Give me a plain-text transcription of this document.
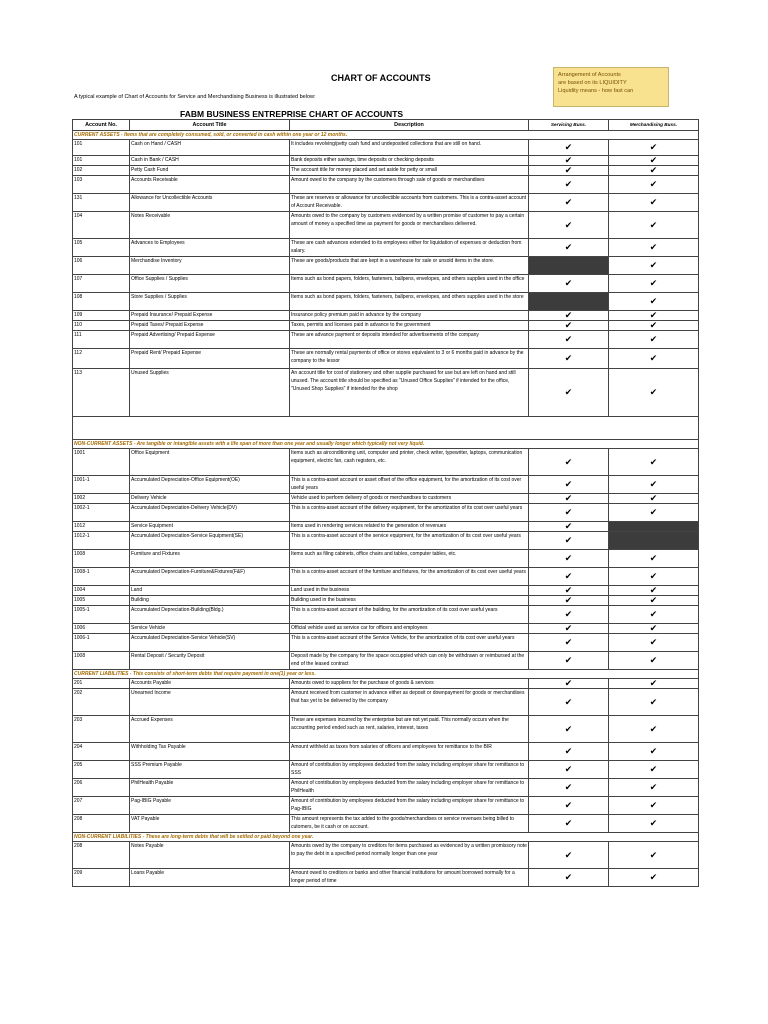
CHART OF ACCOUNTS
A typical example of Chart of Accounts for Service and Merchandising Business is illustrated below:
Arrangement of Accounts
are based on its LIQUIDITY
Liquidity means - how fast can
FABM BUSINESS ENTREPRISE CHART OF ACCOUNTS
Account No.	Account Title	Description	Servicing Buss.	Merchandising Buss.
CURRENT ASSETS - Items that are completely consumed, sold, or converted in cash within one year or 12 months.				
101	Cash on Hand / CASH	It includes revolving/petty cash fund and undeposited collections that are still on hand.	✔	✔
101	Cash in Bank / CASH	Bank deposits either savings, time deposits or checking deposits	✔	✔
102	Petty Cash Fund	The account title for money placed and set aside for petty or small	✔	✔
103	Accounts Receivable	Amount owed to the company by the customers through sale of goods or merchandises	✔	✔
131	Allowance for Uncollectible Accounts	These are reserves or allowance for uncollectible accounts from customers. This is a contra-asset account of Account Receivable.	✔	✔
104	Notes Receivable	Amounts owed to the company by customers evidenced by a written promise of customer to pay a certain amount of money a specified time as payment for goods or merchandises delivered.	✔	✔
105	Advances to Employees	These are cash advances extended to its employees either for liquidation of expenses or deduction from salary.	✔	✔
106	Merchandise Inventory	These are goods/products that are kept in a warehouse for sale or unsold items in the store.		✔
107	Office Supplies / Supplies	Items such as bond papers, folders, fasteners, ballpens, envelopes, and others supplies used in the office	✔	✔
108	Store Supplies / Supplies	Items such as bond papers, folders, fasteners, ballpens, envelopes, and others supplies used in the store		✔
109	Prepaid Insurance/ Prepaid Expense	Insurance policy premium paid in advance by the company	✔	✔
110	Prepaid Taxes/ Prepaid Expense	Taxes, permits and licenses paid in advance to the government	✔	✔
111	Prepaid Advertising/ Prepaid Expense	These are advance payment or deposits intended for advertisements of the company	✔	✔
112	Prepaid Rent/ Prepaid Expense	These are normally rental payments of office or stores equivalent to 3 or 6 months paid in advance by the company to the lessor	✔	✔
113	Unused Supplies	An account title for cost of stationery and other supplie purchased for use but are left on hand and still unused. The account title should be specified as "Unused Office Supplies" if intended for the office, "Unused Shop Supplies" if intended for the shop	✔	✔

NON-CURRENT ASSETS - Are tangible or intangible assets with a life span of more than one year and usually longer which typically not very liquid.				
1001	Office Equipment	Items such as airconditioning unit, computer and printer, check writer, typewriter, laptops, communication equipment, electric fan, cash registers, etc.	✔	✔
1001-1	Accumulated Depreciation-Office Equipment(OE)	This is a contra-asset account or asset offset of the office equipment, for the amortization of its cost over useful years	✔	✔
1002	Delivery Vehicle	Vehicle used to perform delivery of goods or merchandises to customers	✔	✔
1002-1	Accumulated Depreciation-Delivery Vehicle(DV)	This is a contra-asset account of the delivery equipment, for the amortization of its cost over useful years	✔	✔
1012	Service Equipment	Items used in rendering services related to the generation of revenues	✔	
1012-1	Accumulated Depreciation-Service Equipment(SE)	This is a contra-asset account of the service equipment, for the amortization of its cost over useful years	✔	
1008	Furniture and Fixtures	Items such as filing cabinets, office chairs and tables, computer tables, etc.	✔	✔
1008-1	Accumulated Depreciation-Furniture&Fixtures(F&F)	This is a contra-asset account of the furniture and fixtures, for the amortization of its cost over useful years	✔	✔
1004	Land	Land used in the business	✔	✔
1005	Building	Building used in the business	✔	✔
1005-1	Accumulated Depreciation-Building(Bldg.)	This is a contra-asset account of the building, for the amortization of its cost over useful years	✔	✔
1006	Service Vehicle	Official vehicle used as service car for officers and employees	✔	✔
1006-1	Accumulated Depreciation-Service Vehicle(SV)	This is a contra-asset account of the Service Vehicle, for the amortization of its cost over useful years	✔	✔
1008	Rental Deposit / Security Deposit	Deposit made by the company for the space occuppied which can only be withdrawn or reimbursed at the end of the leased contract	✔	✔
CURRENT LIABILITIES - This consists of short-term debts that require payment in one(1) year or less.				
201	Accounts Payable	Amounts owed to suppliers for the purchase of goods & services	✔	✔
202	Unearned Income	Amount received from customer in advance either as deposit or downpayment for goods or merchandises that has yet to be delivered by the company	✔	✔
203	Accrued Expenses	These are expenses incurred by the enterprise but are not yet paid. This normally occurs when the accounting period ended such as rent, salaries, interest, taxes	✔	✔
204	Withholding Tax Payable	Amount withheld as taxes from salaries of officers and employees for remittance to the BIR	✔	✔
205	SSS Premium Payable	Amount of contribution by employees deducted from the salary including employer share for remittance to SSS	✔	✔
206	PhilHealth Payable	Amount of contribution by employees deducted from the salary including employer share for remittance to PhilHealth	✔	✔
207	Pag-IBIG Payable	Amount of contribution by employees deducted from the salary including employer share for remittance to Pag-IBIG	✔	✔
208	VAT Payable	This amount represents the tax added to the goods/merchandises or service revenues being billed to cutomers, be it cash or on account.	✔	✔
NON-CURRENT LIABILITIES - These are long-term debts that will be settled or paid beyond one year.				
208	Notes Payable	Amounts owed by the company to creditors for items purchased as evidenced by a written promissory note to pay the debt in a specified period normally longer than one year	✔	✔
209	Loans Payable	Amount owed to creditors or banks and other financial institutions for amount borrowed normally for a longer period of time	✔	✔
